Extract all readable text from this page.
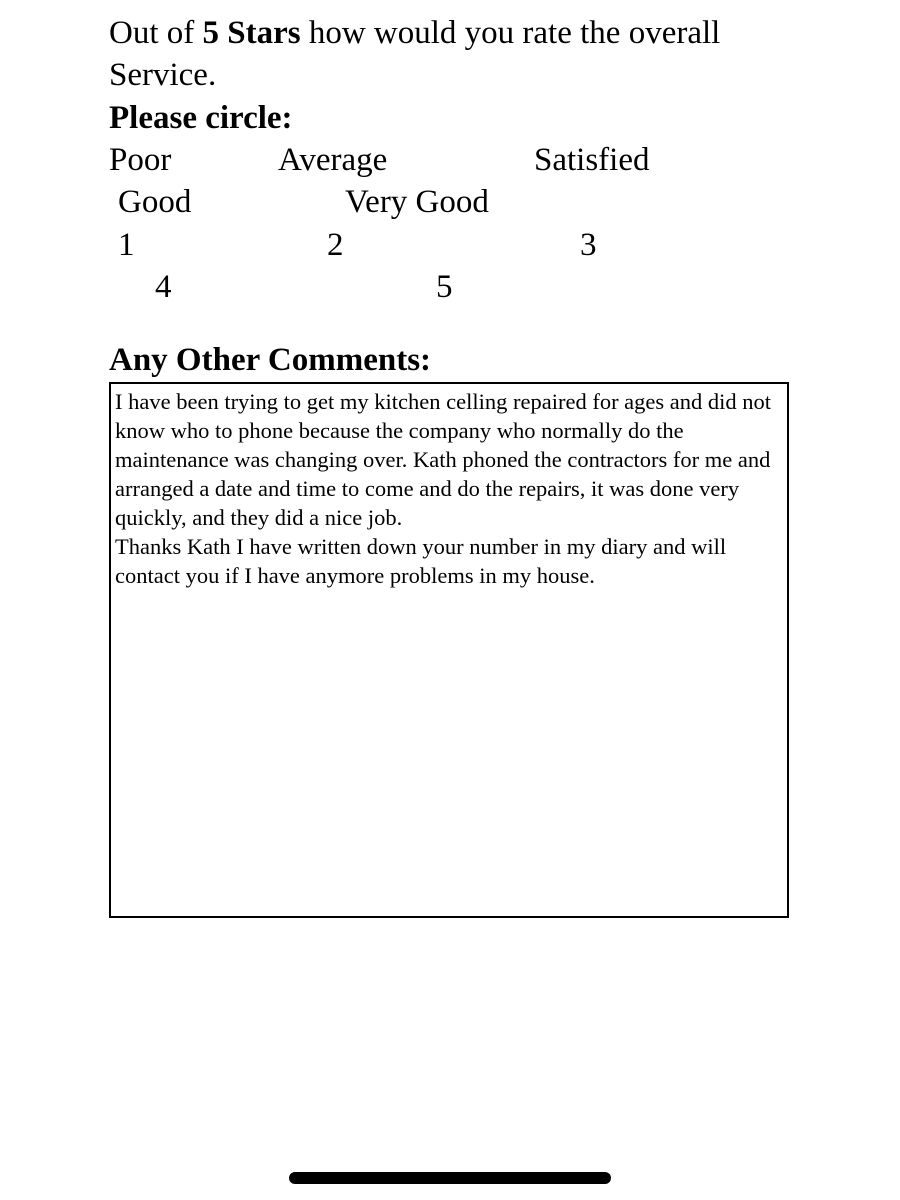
Out of 5 Stars how would you rate the overall Service.

Please circle:

Poor	Average	Satisfied
Good	Very Good
1	2	3
4	5

Any Other Comments:

I have been trying to get my kitchen celling repaired for ages and did not know who to phone because the company who normally do the maintenance was changing over. Kath phoned the contractors for me and arranged a date and time to come and do the repairs, it was done very quickly, and they did a nice job.

Thanks Kath I have written down your number in my diary and will contact you if I have anymore problems in my house.
